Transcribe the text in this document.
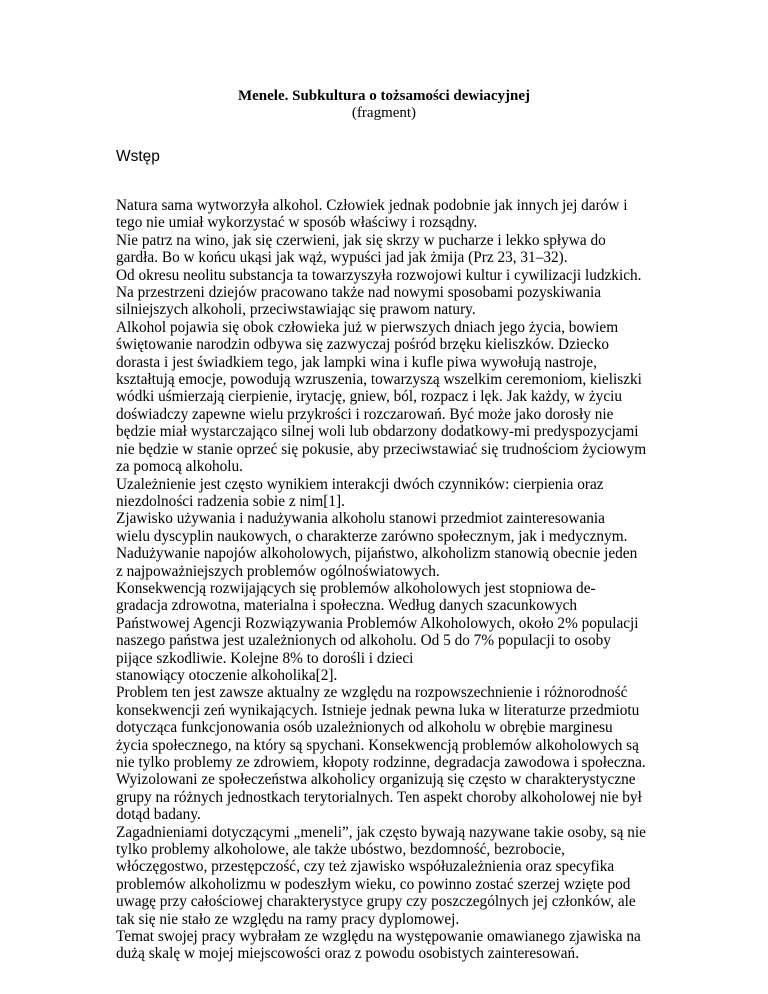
Menele. Subkultura o tożsamości dewiacyjnej
(fragment)
Wstęp
Natura sama wytworzyła alkohol. Człowiek jednak podobnie jak innych jej darów i
tego nie umiał wykorzystać w sposób właściwy i rozsądny.
Nie patrz na wino, jak się czerwieni, jak się skrzy w pucharze i lekko spływa do
gardła. Bo w końcu ukąsi jak wąż, wypuści jad jak żmija (Prz 23, 31–32).
Od okresu neolitu substancja ta towarzyszyła rozwojowi kultur i cywilizacji ludzkich.
Na przestrzeni dziejów pracowano także nad nowymi sposobami pozyskiwania
silniejszych alkoholi, przeciwstawiając się prawom natury.
Alkohol pojawia się obok człowieka już w pierwszych dniach jego życia, bowiem
świętowanie narodzin odbywa się zazwyczaj pośród brzęku kieliszków. Dziecko
dorasta i jest świadkiem tego, jak lampki wina i kufle piwa wywołują nastroje,
kształtują emocje, powodują wzruszenia, towarzyszą wszelkim ceremoniom, kieliszki
wódki uśmierzają cierpienie, irytację, gniew, ból, rozpacz i lęk. Jak każdy, w życiu
doświadczy zapewne wielu przykrości i rozczarowań. Być może jako dorosły nie
będzie miał wystarczająco silnej woli lub obdarzony dodatkowy-mi predyspozycjami
nie będzie w stanie oprzeć się pokusie, aby przeciwstawiać się trudnościom życiowym
za pomocą alkoholu.
Uzależnienie jest często wynikiem interakcji dwóch czynników: cierpienia oraz
niezdolności radzenia sobie z nim[1].
Zjawisko używania i nadużywania alkoholu stanowi przedmiot zainteresowania
wielu dyscyplin naukowych, o charakterze zarówno społecznym, jak i medycznym.
Nadużywanie napojów alkoholowych, pijaństwo, alkoholizm stanowią obecnie jeden
z najpoważniejszych problemów ogólnoświatowych.
Konsekwencją rozwijających się problemów alkoholowych jest stopniowa de-
gradacja zdrowotna, materialna i społeczna. Według danych szacunkowych
Państwowej Agencji Rozwiązywania Problemów Alkoholowych, około 2% populacji
naszego państwa jest uzależnionych od alkoholu. Od 5 do 7% populacji to osoby
pijące szkodliwie. Kolejne 8% to dorośli i dzieci
stanowiący otoczenie alkoholika[2].
Problem ten jest zawsze aktualny ze względu na rozpowszechnienie i różnorodność
konsekwencji zeń wynikających. Istnieje jednak pewna luka w literaturze przedmiotu
dotycząca funkcjonowania osób uzależnionych od alkoholu w obrębie marginesu
życia społecznego, na który są spychani. Konsekwencją problemów alkoholowych są
nie tylko problemy ze zdrowiem, kłopoty rodzinne, degradacja zawodowa i społeczna.
Wyizolowani ze społeczeństwa alkoholicy organizują się często w charakterystyczne
grupy na różnych jednostkach terytorialnych. Ten aspekt choroby alkoholowej nie był
dotąd badany.
Zagadnieniami dotyczącymi „meneli”, jak często bywają nazywane takie osoby, są nie
tylko problemy alkoholowe, ale także ubóstwo, bezdomność, bezrobocie,
włóczęgostwo, przestępczość, czy też zjawisko współuzależnienia oraz specyfika
problemów alkoholizmu w podeszłym wieku, co powinno zostać szerzej wzięte pod
uwagę przy całościowej charakterystyce grupy czy poszczególnych jej członków, ale
tak się nie stało ze względu na ramy pracy dyplomowej.
Temat swojej pracy wybrałam ze względu na występowanie omawianego zjawiska na
dużą skalę w mojej miejscowości oraz z powodu osobistych zainteresowań.
